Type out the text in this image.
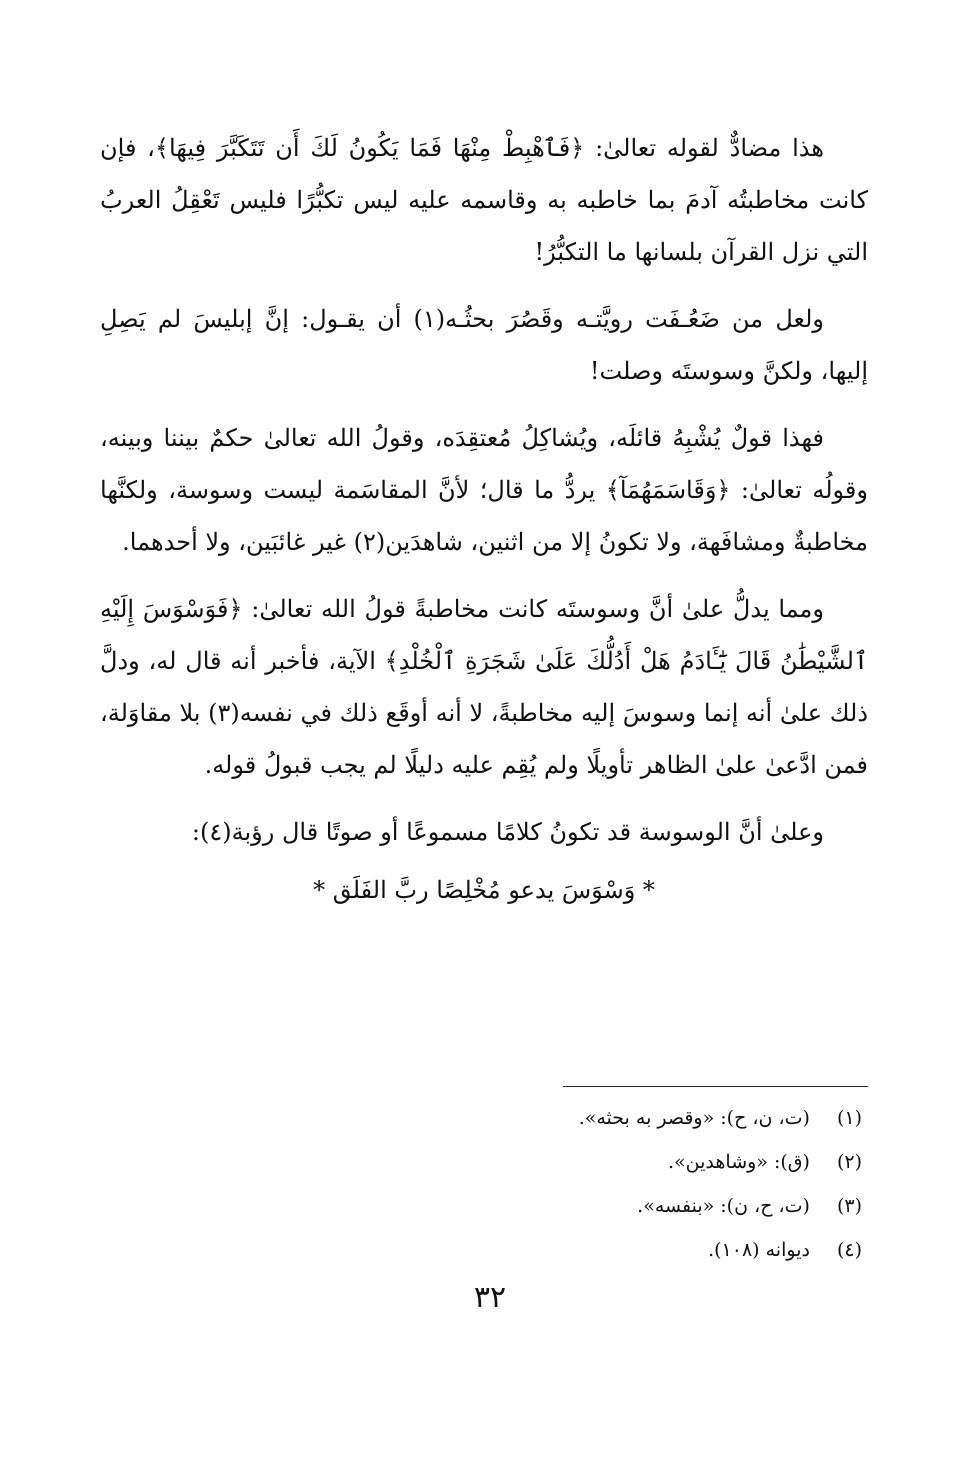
هذا مضادٌّ لقوله تعالىٰ: ﴿فَٱهْبِطْ مِنْهَا فَمَا يَكُونُ لَكَ أَن تَتَكَبَّرَ فِيهَا﴾، فإن كانت مخاطبتُه آدمَ بما خاطبه به وقاسمه عليه ليس تكبُّرًا فليس تَعْقِلُ العربُ التي نزل القرآن بلسانها ما التكبُّرُ!

ولعل من ضَعُـفَت رويَّتـه وقَصُرَ بحثُـه(١) أن يقـول: إنَّ إبليسَ لم يَصِلِ إليها، ولكنَّ وسوستَه وصلت!

فهذا قولٌ يُشْبِهُ قائلَه، ويُشاكِلُ مُعتقِدَه، وقولُ الله تعالىٰ حكمٌ بيننا وبينه، وقولُه تعالىٰ: ﴿وَقَاسَمَهُمَآ﴾ يردُّ ما قال؛ لأنَّ المقاسَمة ليست وسوسة، ولكنَّها مخاطبةٌ ومشافَهة، ولا تكونُ إلا من اثنين، شاهدَين(٢) غير غائبَين، ولا أحدهما.

ومما يدلُّ علىٰ أنَّ وسوستَه كانت مخاطبةً قولُ الله تعالىٰ: ﴿فَوَسْوَسَ إِلَيْهِ ٱلشَّيْطَٰنُ قَالَ يَٰٓـَٔادَمُ هَلْ أَدُلُّكَ عَلَىٰ شَجَرَةِ ٱلْخُلْدِ﴾ الآية، فأخبر أنه قال له، ودلَّ ذلك علىٰ أنه إنما وسوسَ إليه مخاطبةً، لا أنه أوقَع ذلك في نفسه(٣) بلا مقاوَلة، فمن ادَّعىٰ علىٰ الظاهر تأويلًا ولم يُقِم عليه دليلًا لم يجب قبولُ قوله.

وعلىٰ أنَّ الوسوسة قد تكونُ كلامًا مسموعًا أو صوتًا قال رؤبة(٤):

* وَسْوَسَ يدعو مُخْلِصًا ربَّ الفَلَق *

(١) (ت، ن، ح): «وقصر به بحثه».
(٢) (ق): «وشاهدين».
(٣) (ت، ح، ن): «بنفسه».
(٤) ديوانه (١٠٨).
٣٢
